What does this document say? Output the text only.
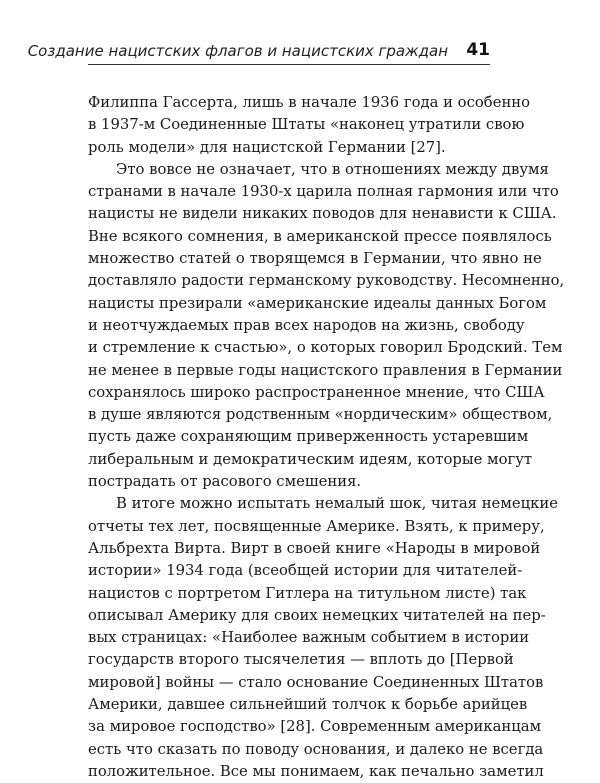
Создание нацистских флагов и нацистских граждан 41
Филиппа Гассерта, лишь в начале 1936 года и особенно
в 1937-м Соединенные Штаты «наконец утратили свою
роль модели» для нацистской Германии [27].
Это вовсе не означает, что в отношениях между двумя
странами в начале 1930-х царила полная гармония или что
нацисты не видели никаких поводов для ненависти к США.
Вне всякого сомнения, в американской прессе появлялось
множество статей о творящемся в Германии, что явно не
доставляло радости германскому руководству. Несомненно,
нацисты презирали «американские идеалы данных Богом
и неотчуждаемых прав всех народов на жизнь, свободу
и стремление к счастью», о которых говорил Бродский. Тем
не менее в первые годы нацистского правления в Германии
сохранялось широко распространенное мнение, что США
в душе являются родственным «нордическим» обществом,
пусть даже сохраняющим приверженность устаревшим
либеральным и демократическим идеям, которые могут
пострадать от расового смешения.
В итоге можно испытать немалый шок, читая немецкие
отчеты тех лет, посвященные Америке. Взять, к примеру,
Альбрехта Вирта. Вирт в своей книге «Народы в мировой
истории» 1934 года (всеобщей истории для читателей-
нацистов с портретом Гитлера на титульном листе) так
описывал Америку для своих немецких читателей на пер-
вых страницах: «Наиболее важным событием в истории
государств второго тысячелетия — вплоть до [Первой
мировой] войны — стало основание Соединенных Штатов
Америки, давшее сильнейший толчок к борьбе арийцев
за мировое господство» [28]. Современным американцам
есть что сказать по поводу основания, и далеко не всегда
положительное. Все мы понимаем, как печально заметил
